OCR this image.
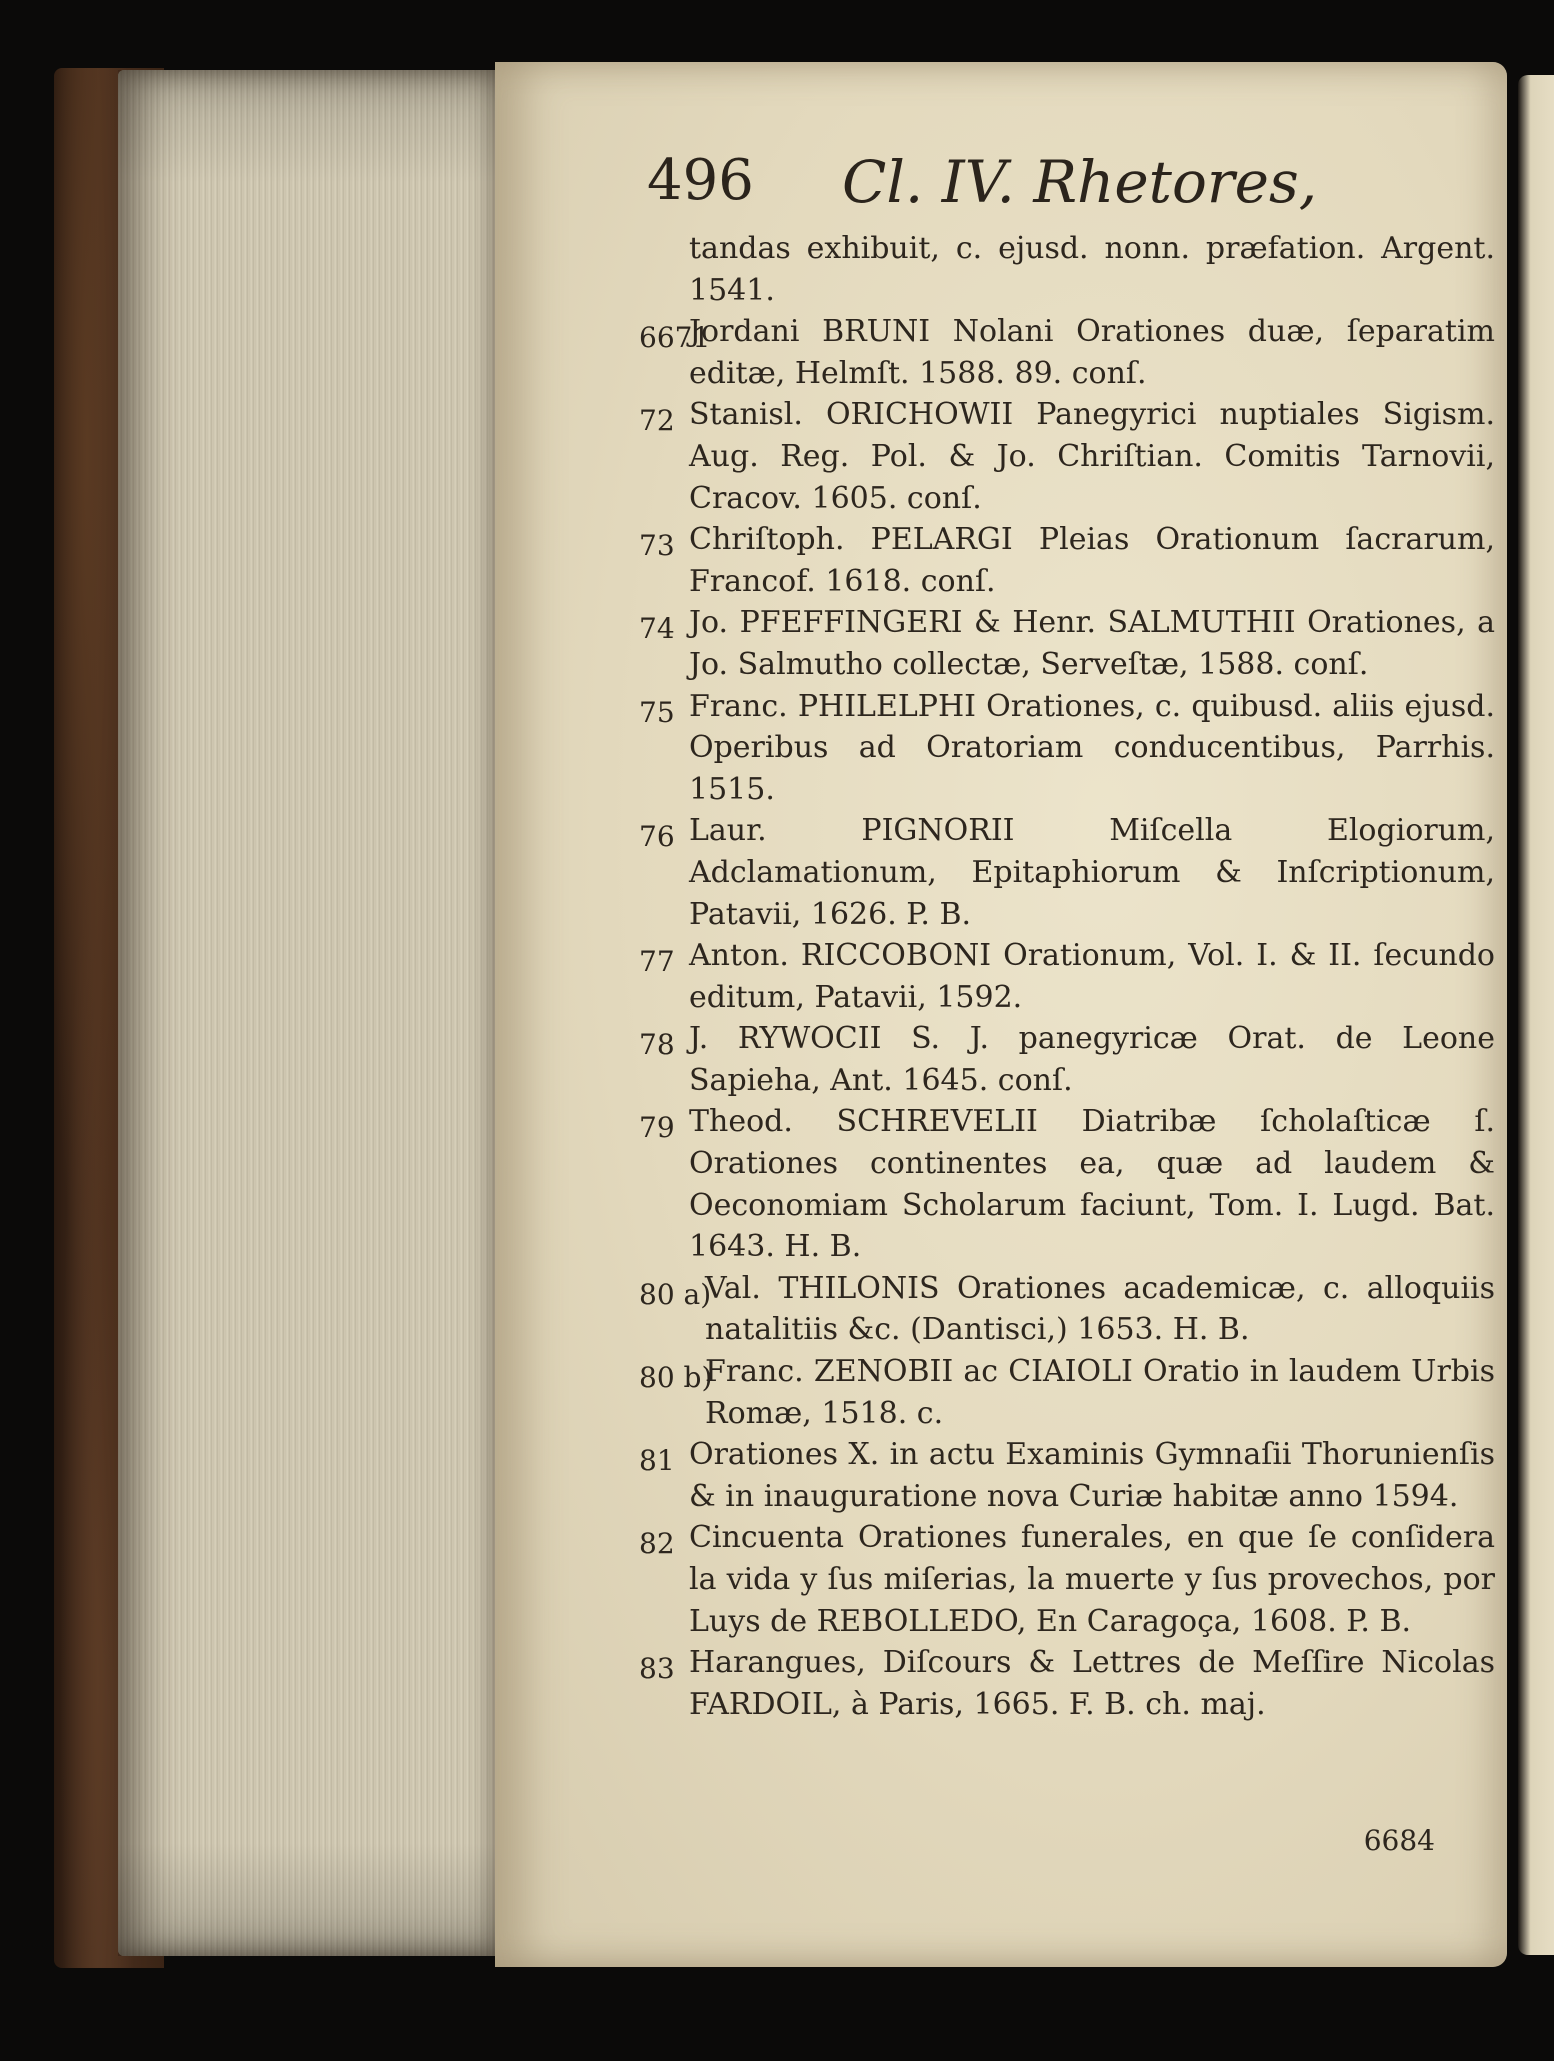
496 Cl. IV. Rhetores,
tandas exhibuit, c. ejusd. nonn. præfation. Argent. 1541.
6671
Jordani BRUNI Nolani Orationes duæ, ſeparatim editæ, Helmſt. 1588. 89. conſ.
72 Stanisl. ORICHOWII Panegyrici nuptiales Sigism. Aug. Reg. Pol. & Jo. Chriſtian. Comitis Tarnovii, Cracov. 1605. conſ.
73 Chriſtoph. PELARGI Pleias Orationum ſacrarum, Francof. 1618. conſ.
74 Jo. PFEFFINGERI & Henr. SALMUTHII Orationes, a Jo. Salmutho collectæ, Serveſtæ, 1588. conſ.
75 Franc. PHILELPHI Orationes, c. quibusd. aliis ejusd. Operibus ad Oratoriam conducentibus, Parrhis. 1515.
76 Laur. PIGNORII Miſcella Elogiorum, Adclamationum, Epitaphiorum & Inſcriptionum, Patavii, 1626. P. B.
77 Anton. RICCOBONI Orationum, Vol. I. & II. ſecundo editum, Patavii, 1592.
78 J. RYWOCII S. J. panegyricæ Orat. de Leone Sapieha, Ant. 1645. conſ.
79 Theod. SCHREVELII Diatribæ ſcholaſticæ ſ. Orationes continentes ea, quæ ad laudem & Oeconomiam Scholarum faciunt, Tom. I. Lugd. Bat. 1643. H. B.
80 a)
Val. THILONIS Orationes academicæ, c. alloquiis natalitiis &c. (Dantisci,) 1653. H. B.
80 b)
Franc. ZENOBII ac CIAIOLI Oratio in laudem Urbis Romæ, 1518. c.
81 Orationes X. in actu Examinis Gymnaſii Thorunienſis & in inauguratione nova Curiæ habitæ anno 1594.
82 Cincuenta Orationes funerales, en que ſe conſidera la vida y ſus miſerias, la muerte y ſus provechos, por Luys de REBOLLEDO, En Caragoça, 1608. P. B.
83 Harangues, Diſcours & Lettres de Meſſire Nicolas FARDOIL, à Paris, 1665. F. B. ch. maj.
6684
